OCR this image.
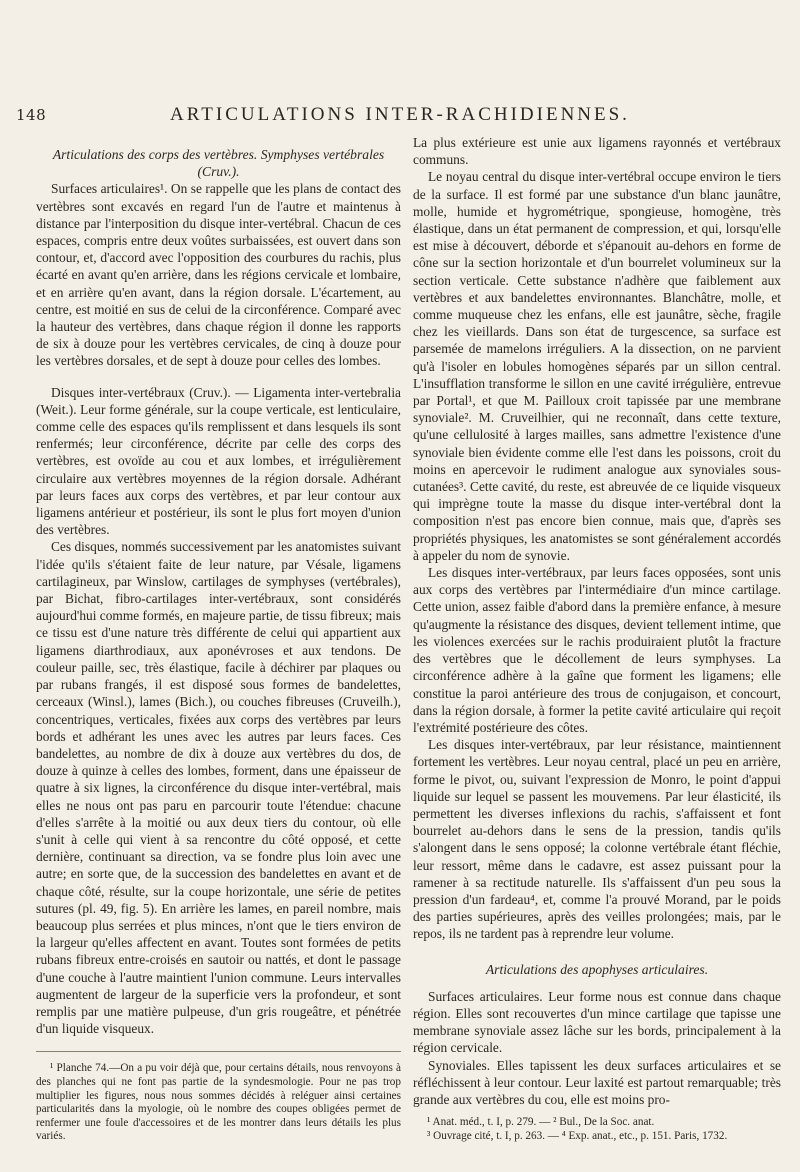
148	ARTICULATIONS INTER-RACHIDIENNES.

Articulations des corps des vertèbres. Symphyses vertébrales (Cruv.).

Surfaces articulaires¹. On se rappelle que les plans de contact des vertèbres sont excavés en regard l'un de l'autre et maintenus à distance par l'interposition du disque inter-vertébral. Chacun de ces espaces, compris entre deux voûtes surbaissées, est ouvert dans son contour, et, d'accord avec l'opposition des courbures du rachis, plus écarté en avant qu'en arrière, dans les régions cervicale et lombaire, et en arrière qu'en avant, dans la région dorsale. L'écartement, au centre, est moitié en sus de celui de la circonférence. Comparé avec la hauteur des vertèbres, dans chaque région il donne les rapports de six à douze pour les vertèbres cervicales, de cinq à douze pour les vertèbres dorsales, et de sept à douze pour celles des lombes.

Disques inter-vertébraux (Cruv.). — Ligamenta inter-vertebralia (Weit.). Leur forme générale, sur la coupe verticale, est lenticulaire, comme celle des espaces qu'ils remplissent et dans lesquels ils sont renfermés; leur circonférence, décrite par celle des corps des vertèbres, est ovoïde au cou et aux lombes, et irrégulièrement circulaire aux vertèbres moyennes de la région dorsale. Adhérant par leurs faces aux corps des vertèbres, et par leur contour aux ligamens antérieur et postérieur, ils sont le plus fort moyen d'union des vertèbres.

Ces disques, nommés successivement par les anatomistes suivant l'idée qu'ils s'étaient faite de leur nature, par Vésale, ligamens cartilagineux, par Winslow, cartilages de symphyses (vertébrales), par Bichat, fibro-cartilages inter-vertébraux, sont considérés aujourd'hui comme formés, en majeure partie, de tissu fibreux; mais ce tissu est d'une nature très différente de celui qui appartient aux ligamens diarthrodiaux, aux aponévroses et aux tendons. De couleur paille, sec, très élastique, facile à déchirer par plaques ou par rubans frangés, il est disposé sous formes de bandelettes, cerceaux (Winsl.), lames (Bich.), ou couches fibreuses (Cruveilh.), concentriques, verticales, fixées aux corps des vertèbres par leurs bords et adhérant les unes avec les autres par leurs faces. Ces bandelettes, au nombre de dix à douze aux vertèbres du dos, de douze à quinze à celles des lombes, forment, dans une épaisseur de quatre à six lignes, la circonférence du disque inter-vertébral, mais elles ne nous ont pas paru en parcourir toute l'étendue: chacune d'elles s'arrête à la moitié ou aux deux tiers du contour, où elle s'unit à celle qui vient à sa rencontre du côté opposé, et cette dernière, continuant sa direction, va se fondre plus loin avec une autre; en sorte que, de la succession des bandelettes en avant et de chaque côté, résulte, sur la coupe horizontale, une série de petites sutures (pl. 49, fig. 5). En arrière les lames, en pareil nombre, mais beaucoup plus serrées et plus minces, n'ont que le tiers environ de la largeur qu'elles affectent en avant. Toutes sont formées de petits rubans fibreux entre-croisés en sautoir ou nattés, et dont le passage d'une couche à l'autre maintient l'union commune. Leurs intervalles augmentent de largeur de la superficie vers la profondeur, et sont remplis par une matière pulpeuse, d'un gris rougeâtre, et pénétrée d'un liquide visqueux.

¹ Planche 74.—On a pu voir déjà que, pour certains détails, nous renvoyons à des planches qui ne font pas partie de la syndesmologie. Pour ne pas trop multiplier les figures, nous nous sommes décidés à reléguer ainsi certaines particularités dans la myologie, où le nombre des coupes obligées permet de renfermer une foule d'accessoires et de les montrer dans leurs détails les plus variés.

La plus extérieure est unie aux ligamens rayonnés et vertébraux communs.

Le noyau central du disque inter-vertébral occupe environ le tiers de la surface. Il est formé par une substance d'un blanc jaunâtre, molle, humide et hygrométrique, spongieuse, homogène, très élastique, dans un état permanent de compression, et qui, lorsqu'elle est mise à découvert, déborde et s'épanouit au-dehors en forme de cône sur la section horizontale et d'un bourrelet volumineux sur la section verticale. Cette substance n'adhère que faiblement aux vertèbres et aux bandelettes environnantes. Blanchâtre, molle, et comme muqueuse chez les enfans, elle est jaunâtre, sèche, fragile chez les vieillards. Dans son état de turgescence, sa surface est parsemée de mamelons irréguliers. A la dissection, on ne parvient qu'à l'isoler en lobules homogènes séparés par un sillon central. L'insufflation transforme le sillon en une cavité irrégulière, entrevue par Portal¹, et que M. Pailloux croit tapissée par une membrane synoviale². M. Cruveilhier, qui ne reconnaît, dans cette texture, qu'une cellulosité à larges mailles, sans admettre l'existence d'une synoviale bien évidente comme elle l'est dans les poissons, croit du moins en apercevoir le rudiment analogue aux synoviales sous-cutanées³. Cette cavité, du reste, est abreuvée de ce liquide visqueux qui imprègne toute la masse du disque inter-vertébral dont la composition n'est pas encore bien connue, mais que, d'après ses propriétés physiques, les anatomistes se sont généralement accordés à appeler du nom de synovie.

Les disques inter-vertébraux, par leurs faces opposées, sont unis aux corps des vertèbres par l'intermédiaire d'un mince cartilage. Cette union, assez faible d'abord dans la première enfance, à mesure qu'augmente la résistance des disques, devient tellement intime, que les violences exercées sur le rachis produiraient plutôt la fracture des vertèbres que le décollement de leurs symphyses. La circonférence adhère à la gaîne que forment les ligamens; elle constitue la paroi antérieure des trous de conjugaison, et concourt, dans la région dorsale, à former la petite cavité articulaire qui reçoit l'extrémité postérieure des côtes.

Les disques inter-vertébraux, par leur résistance, maintiennent fortement les vertèbres. Leur noyau central, placé un peu en arrière, forme le pivot, ou, suivant l'expression de Monro, le point d'appui liquide sur lequel se passent les mouvemens. Par leur élasticité, ils permettent les diverses inflexions du rachis, s'affaissent et font bourrelet au-dehors dans le sens de la pression, tandis qu'ils s'alongent dans le sens opposé; la colonne vertébrale étant fléchie, leur ressort, même dans le cadavre, est assez puissant pour la ramener à sa rectitude naturelle. Ils s'affaissent d'un peu sous la pression d'un fardeau⁴, et, comme l'a prouvé Morand, par le poids des parties supérieures, après des veilles prolongées; mais, par le repos, ils ne tardent pas à reprendre leur volume.

Articulations des apophyses articulaires.

Surfaces articulaires. Leur forme nous est connue dans chaque région. Elles sont recouvertes d'un mince cartilage que tapisse une membrane synoviale assez lâche sur les bords, principalement à la région cervicale.

Synoviales. Elles tapissent les deux surfaces articulaires et se réfléchissent à leur contour. Leur laxité est partout remarquable; très grande aux vertèbres du cou, elle est moins pro-

¹ Anat. méd., t. I, p. 279. — ² Bul., De la Soc. anat.

³ Ouvrage cité, t. I, p. 263. — ⁴ Exp. anat., etc., p. 151. Paris, 1732.
